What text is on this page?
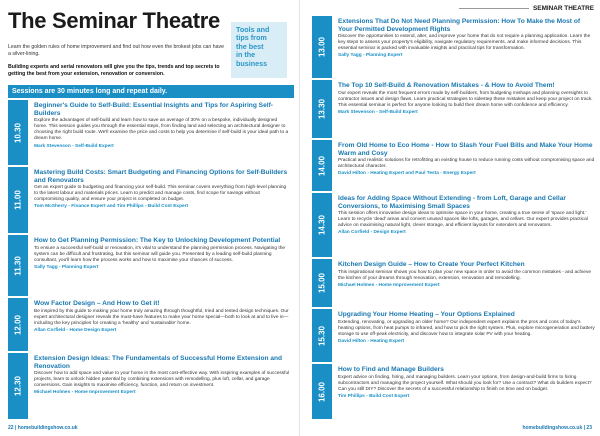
The Seminar Theatre
Learn the golden rules of home improvement and find out how even the brokest jobs can have a silver-lining.
Building experts and serial renovators will give you the tips, trends and top secrets to getting the best from your extension, renovation or conversion.
Tools and
tips from
the best
in the
business
Sessions are 30 minutes long and repeat daily.
10.30
Beginner's Guide to Self-Build: Essential Insights and Tips for Aspiring Self-Builders

Explore the advantages of self-build and learn how to save an average of 30% on a bespoke, individually designed home. This session guides you through the essential steps, from finding land and selecting an architectural designer to choosing the right build route. We'll examine the price and costs to help you determine if self-build is your ideal path to a dream home.

Mark Stevenson - Self-Build Expert
11.00
Mastering Build Costs: Smart Budgeting and Financing Options for Self-Builders and Renovators

Get an expert guide to budgeting and financing your self-build. This seminar covers everything from high-level planning to the latest labour and materials prices. Learn to predict and manage costs, find scope for savings without compromising quality, and ensure your project is completed on budget.

Tom McSherry - Finance Expert and Tim Phillips - Build Cost Expert
11.30
How to Get Planning Permission: The Key to Unlocking Development Potential

To ensure a successful self-build or renovation, it's vital to understand the planning permission process. Navigating the system can be difficult and frustrating, but this seminar will guide you. Presented by a leading self-build planning consultant, you'll learn how the process works and how to maximise your chances of success.

Sally Tagg - Planning Expert
12.00
Wow Factor Design – And How to Get it!

Be inspired by this guide to making your home truly amazing through thoughtful, tried and tested design techniques. Our expert architectural designer reveals the must-have features to make your home special—both to look at and to live in—including the key principles for creating a 'healthy' and 'sustainable' home.

Allan Corfield - Home Design Expert
12.30
Extension Design Ideas: The Fundamentals of Successful Home Extension and Renovation

Discover how to add space and value to your home in the most cost-effective way. With inspiring examples of successful projects, learn to unlock hidden potential by combining extensions with remodelling, plus loft, cellar, and garage conversions. Gain insights to maximise efficiency, function, and return on investment.

Michael Holmes - Home Improvement Expert
22 | homebuildingshow.co.uk
SEMINAR THEATRE
13.00
Extensions That Do Not Need Planning Permission: How To Make the Most of Your Permitted Development Rights

Discover the opportunities to extend, alter, and improve your home that do not require a planning application. Learn the key steps to assess your property's eligibility, navigate regulatory requirements, and make informed decisions. This essential seminar is packed with invaluable insights and practical tips for transformation.

Sally Tagg - Planning Expert
13.30
The Top 10 Self-Build & Renovation Mistakes - & How to Avoid Them!

Our expert reveals the most frequent errors made by self-builders, from budgeting mishaps and planning oversights to contractor issues and design flaws. Learn practical strategies to sidestep these mistakes and keep your project on track. This essential seminar is perfect for anyone looking to build their dream home with confidence and efficiency.

Mark Stevenson - Self-Build Expert
14.00
From Old Home to Eco Home - How to Slash Your Fuel Bills and Make Your Home Warm and Cosy

Practical and realistic solutions for retrofitting an existing house to reduce running costs without compromising space and architectural character.

David Hilton - Heating Expert and Paul Testa - Energy Expert
14.30
Ideas for Adding Space Without Extending - from Loft, Garage and Cellar Conversions, to Maximising Small Spaces

This session offers innovative design ideas to optimise space in your home, creating a true sense of 'space and light.' Learn to recycle 'dead' areas and convert unused spaces like lofts, garages, and cellars. Our expert provides practical advice on maximising natural light, clever storage, and efficient layouts for extenders and renovators.

Allan Corfield - Design Expert
15.00
Kitchen Design Guide – How to Create Your Perfect Kitchen

This inspirational seminar shows you how to plan your new space in order to avoid the common mistakes - and achieve the kitchen of your dreams through renovation, extension, renovation and remodelling.

Michael Holmes - Home Improvement Expert
15.30
Upgrading Your Home Heating – Your Options Explained

Extending, renovating, or upgrading an older home? Our independent expert explains the pros and cons of today's heating options, from heat pumps to infrared, and how to pick the right system. Plus, explore microgeneration and battery storage to use off-peak electricity, and discover how to integrate solar PV with your heating.

David Hilton - Heating Expert
16.00
How to Find and Manage Builders

Expert advice on finding, hiring, and managing builders. Learn your options, from design-and-build firms to hiring subcontractors and managing the project yourself. What should you look for? Use a contract? What do builders expect? Can you still DIY? Discover the secrets of a successful relationship to finish on time and on budget.

Tim Phillips - Build Cost Expert
homebuildingshow.co.uk | 23
